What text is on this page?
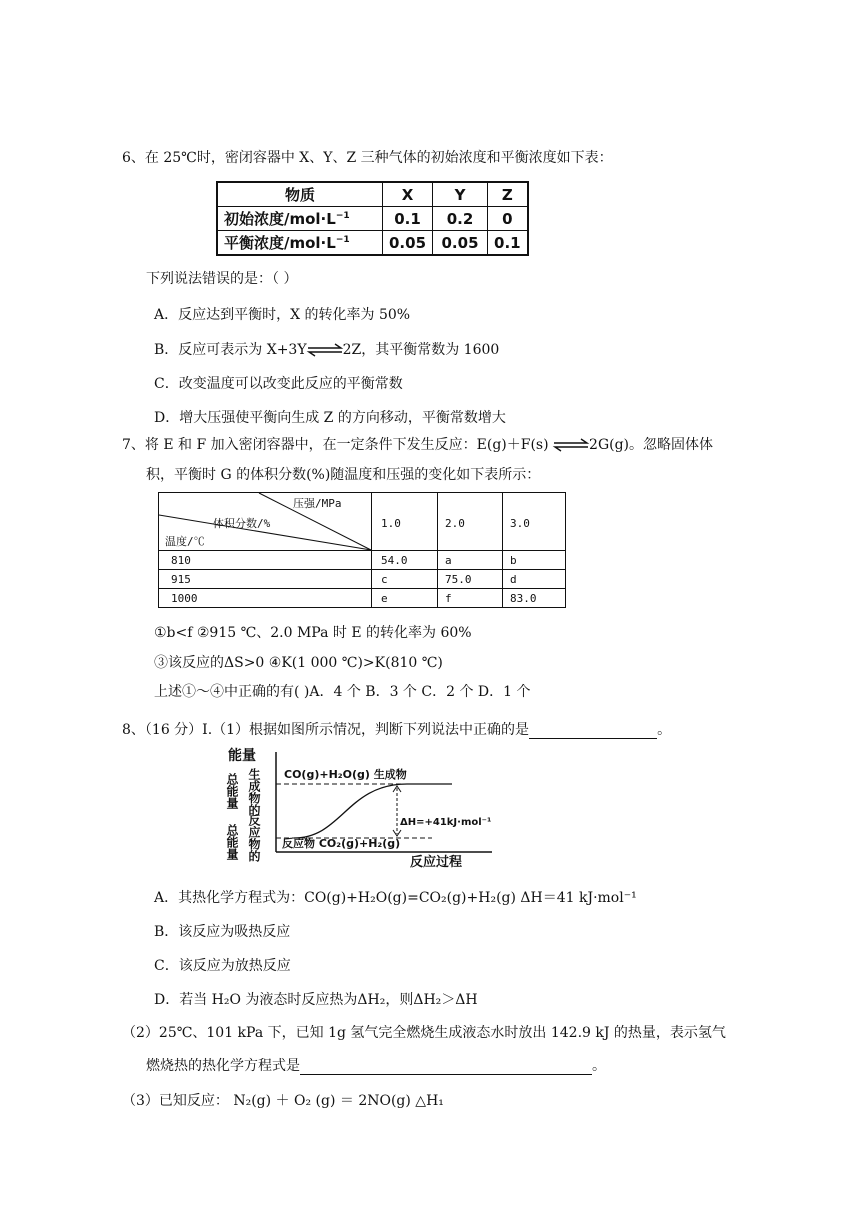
6、在 25℃时，密闭容器中 X、Y、Z 三种气体的初始浓度和平衡浓度如下表：
物质	X	Y	Z
初始浓度$/mol\cdot L^{-1}$	0.1	0.2	0
平衡浓度$/mol\cdot L^{-1}$	0.05	0.05	0.1
下列说法错误的是：（ ）
A．反应达到平衡时，X 的转化率为 50%
B．反应可表示为 X+3Y⇌2Z，其平衡常数为 1600
C．改变温度可以改变此反应的平衡常数
D．增大压强使平衡向生成 Z 的方向移动，平衡常数增大
7、将 E 和 F 加入密闭容器中，在一定条件下发生反应：E(g)＋F(s) ⇌2G(g)。忽略固体体
积，平衡时 G 的体积分数(%)随温度和压强的变化如下表所示：
压强/MPa
体积分数/%
温度/℃
1.0	2.0	3.0
810	54.0	a	b
915	c	75.0	d
1000	e	f	83.0
①b<f ②915 ℃、2.0 MPa 时 E 的转化率为 60%
③该反应的ΔS>0 ④K(1 000 ℃)>K(810 ℃)
上述①～④中正确的有( )A．4 个 B．3 个 C．2 个 D．1 个
8、（16 分）Ⅰ.（1）根据如图所示情况，判断下列说法中正确的是	。
能量
总能量 生成物的
总能量 反应物的
CO(g)+H₂O(g) 生成物
反应物 CO₂(g)+H₂(g)
ΔH=+41kJ·mol⁻¹
反应过程
A．其热化学方程式为：CO(g)+H₂O(g)=CO₂(g)+H₂(g) ΔH＝41 kJ·mol⁻¹
B．该反应为吸热反应
C．该反应为放热反应
D．若当 H₂O 为液态时反应热为ΔH₂，则ΔH₂＞ΔH
（2）25℃、101 kPa 下，已知 1g 氢气完全燃烧生成液态水时放出 142.9 kJ 的热量，表示氢气
燃烧热的热化学方程式是	。
（3）已知反应： N₂(g) ＋ O₂ (g) ＝ 2NO(g) △H₁
